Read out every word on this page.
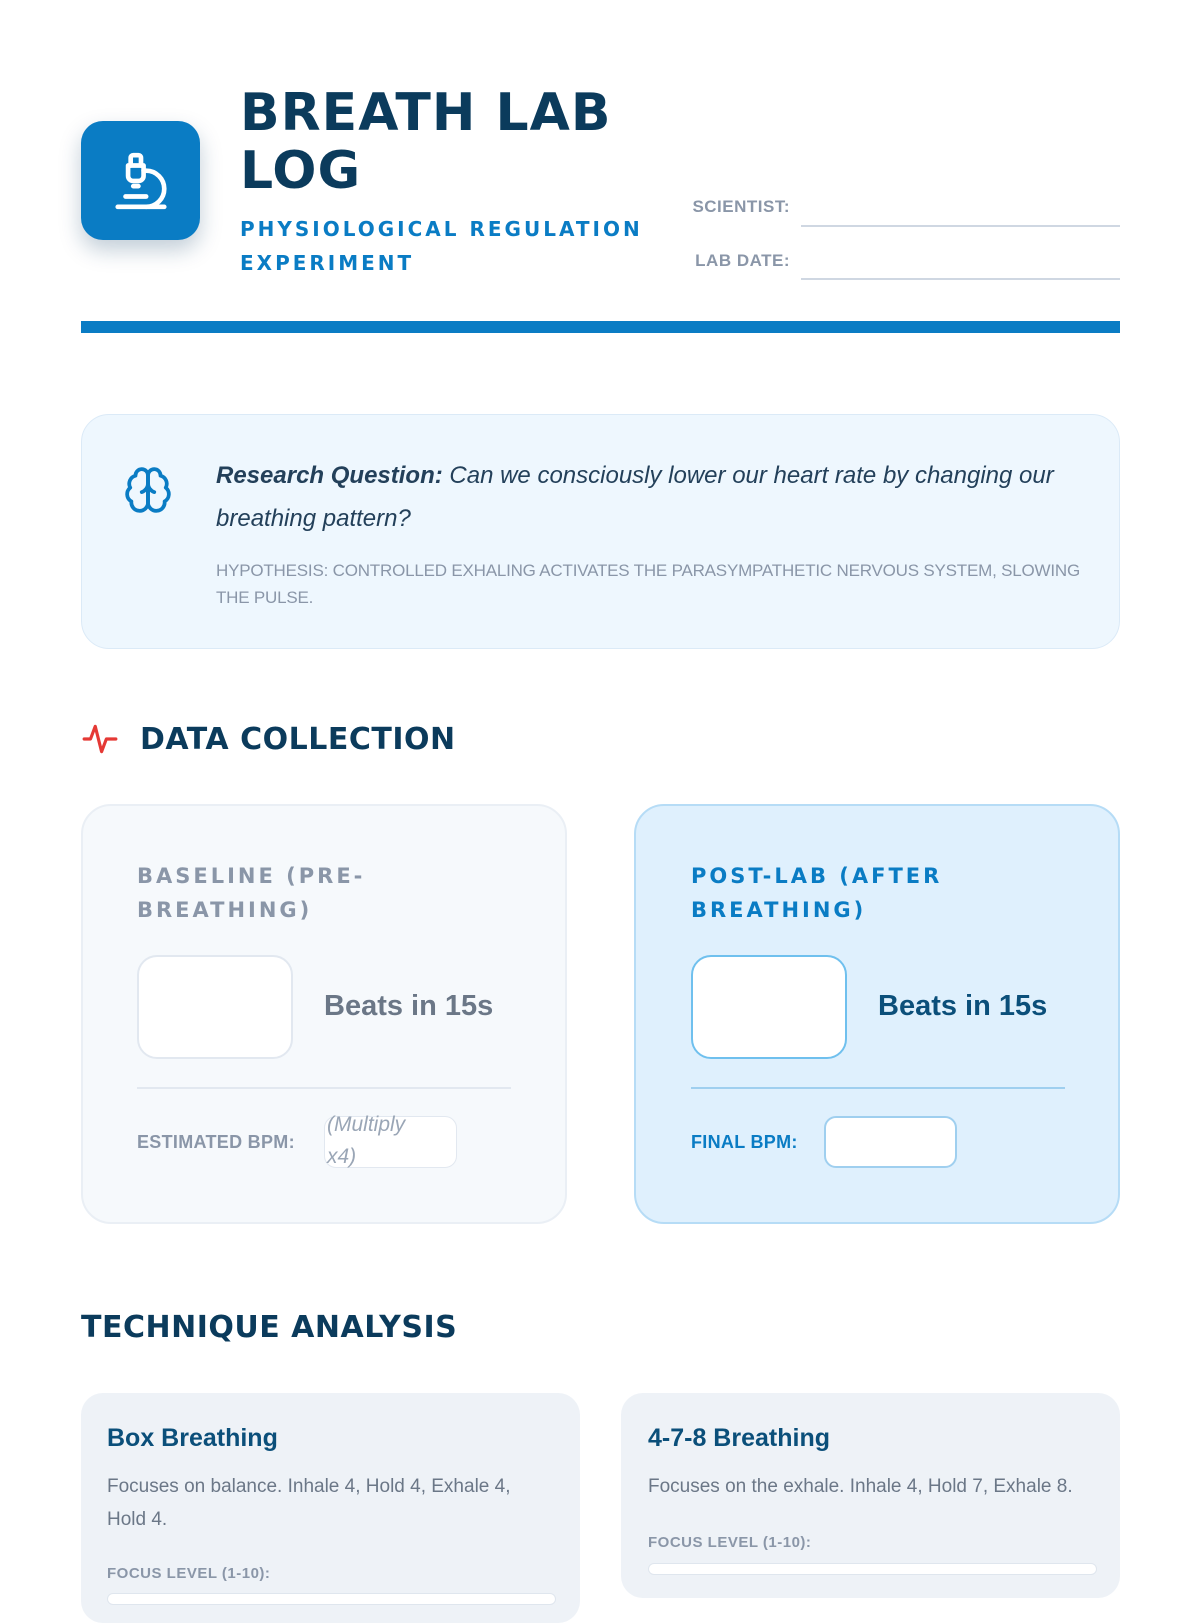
BREATH LAB LOG
PHYSIOLOGICAL REGULATION EXPERIMENT
SCIENTIST:
LAB DATE:
Research Question: Can we consciously lower our heart rate by changing our breathing pattern?
HYPOTHESIS: CONTROLLED EXHALING ACTIVATES THE PARASYMPATHETIC NERVOUS SYSTEM, SLOWING THE PULSE.
DATA COLLECTION
BASELINE (PRE-BREATHING)
Beats in 15s
ESTIMATED BPM:
(Multiply x4)
POST-LAB (AFTER BREATHING)
Beats in 15s
FINAL BPM:
TECHNIQUE ANALYSIS
Box Breathing
Focuses on balance. Inhale 4, Hold 4, Exhale 4, Hold 4.
FOCUS LEVEL (1-10):
4-7-8 Breathing
Focuses on the exhale. Inhale 4, Hold 7, Exhale 8.
FOCUS LEVEL (1-10):
